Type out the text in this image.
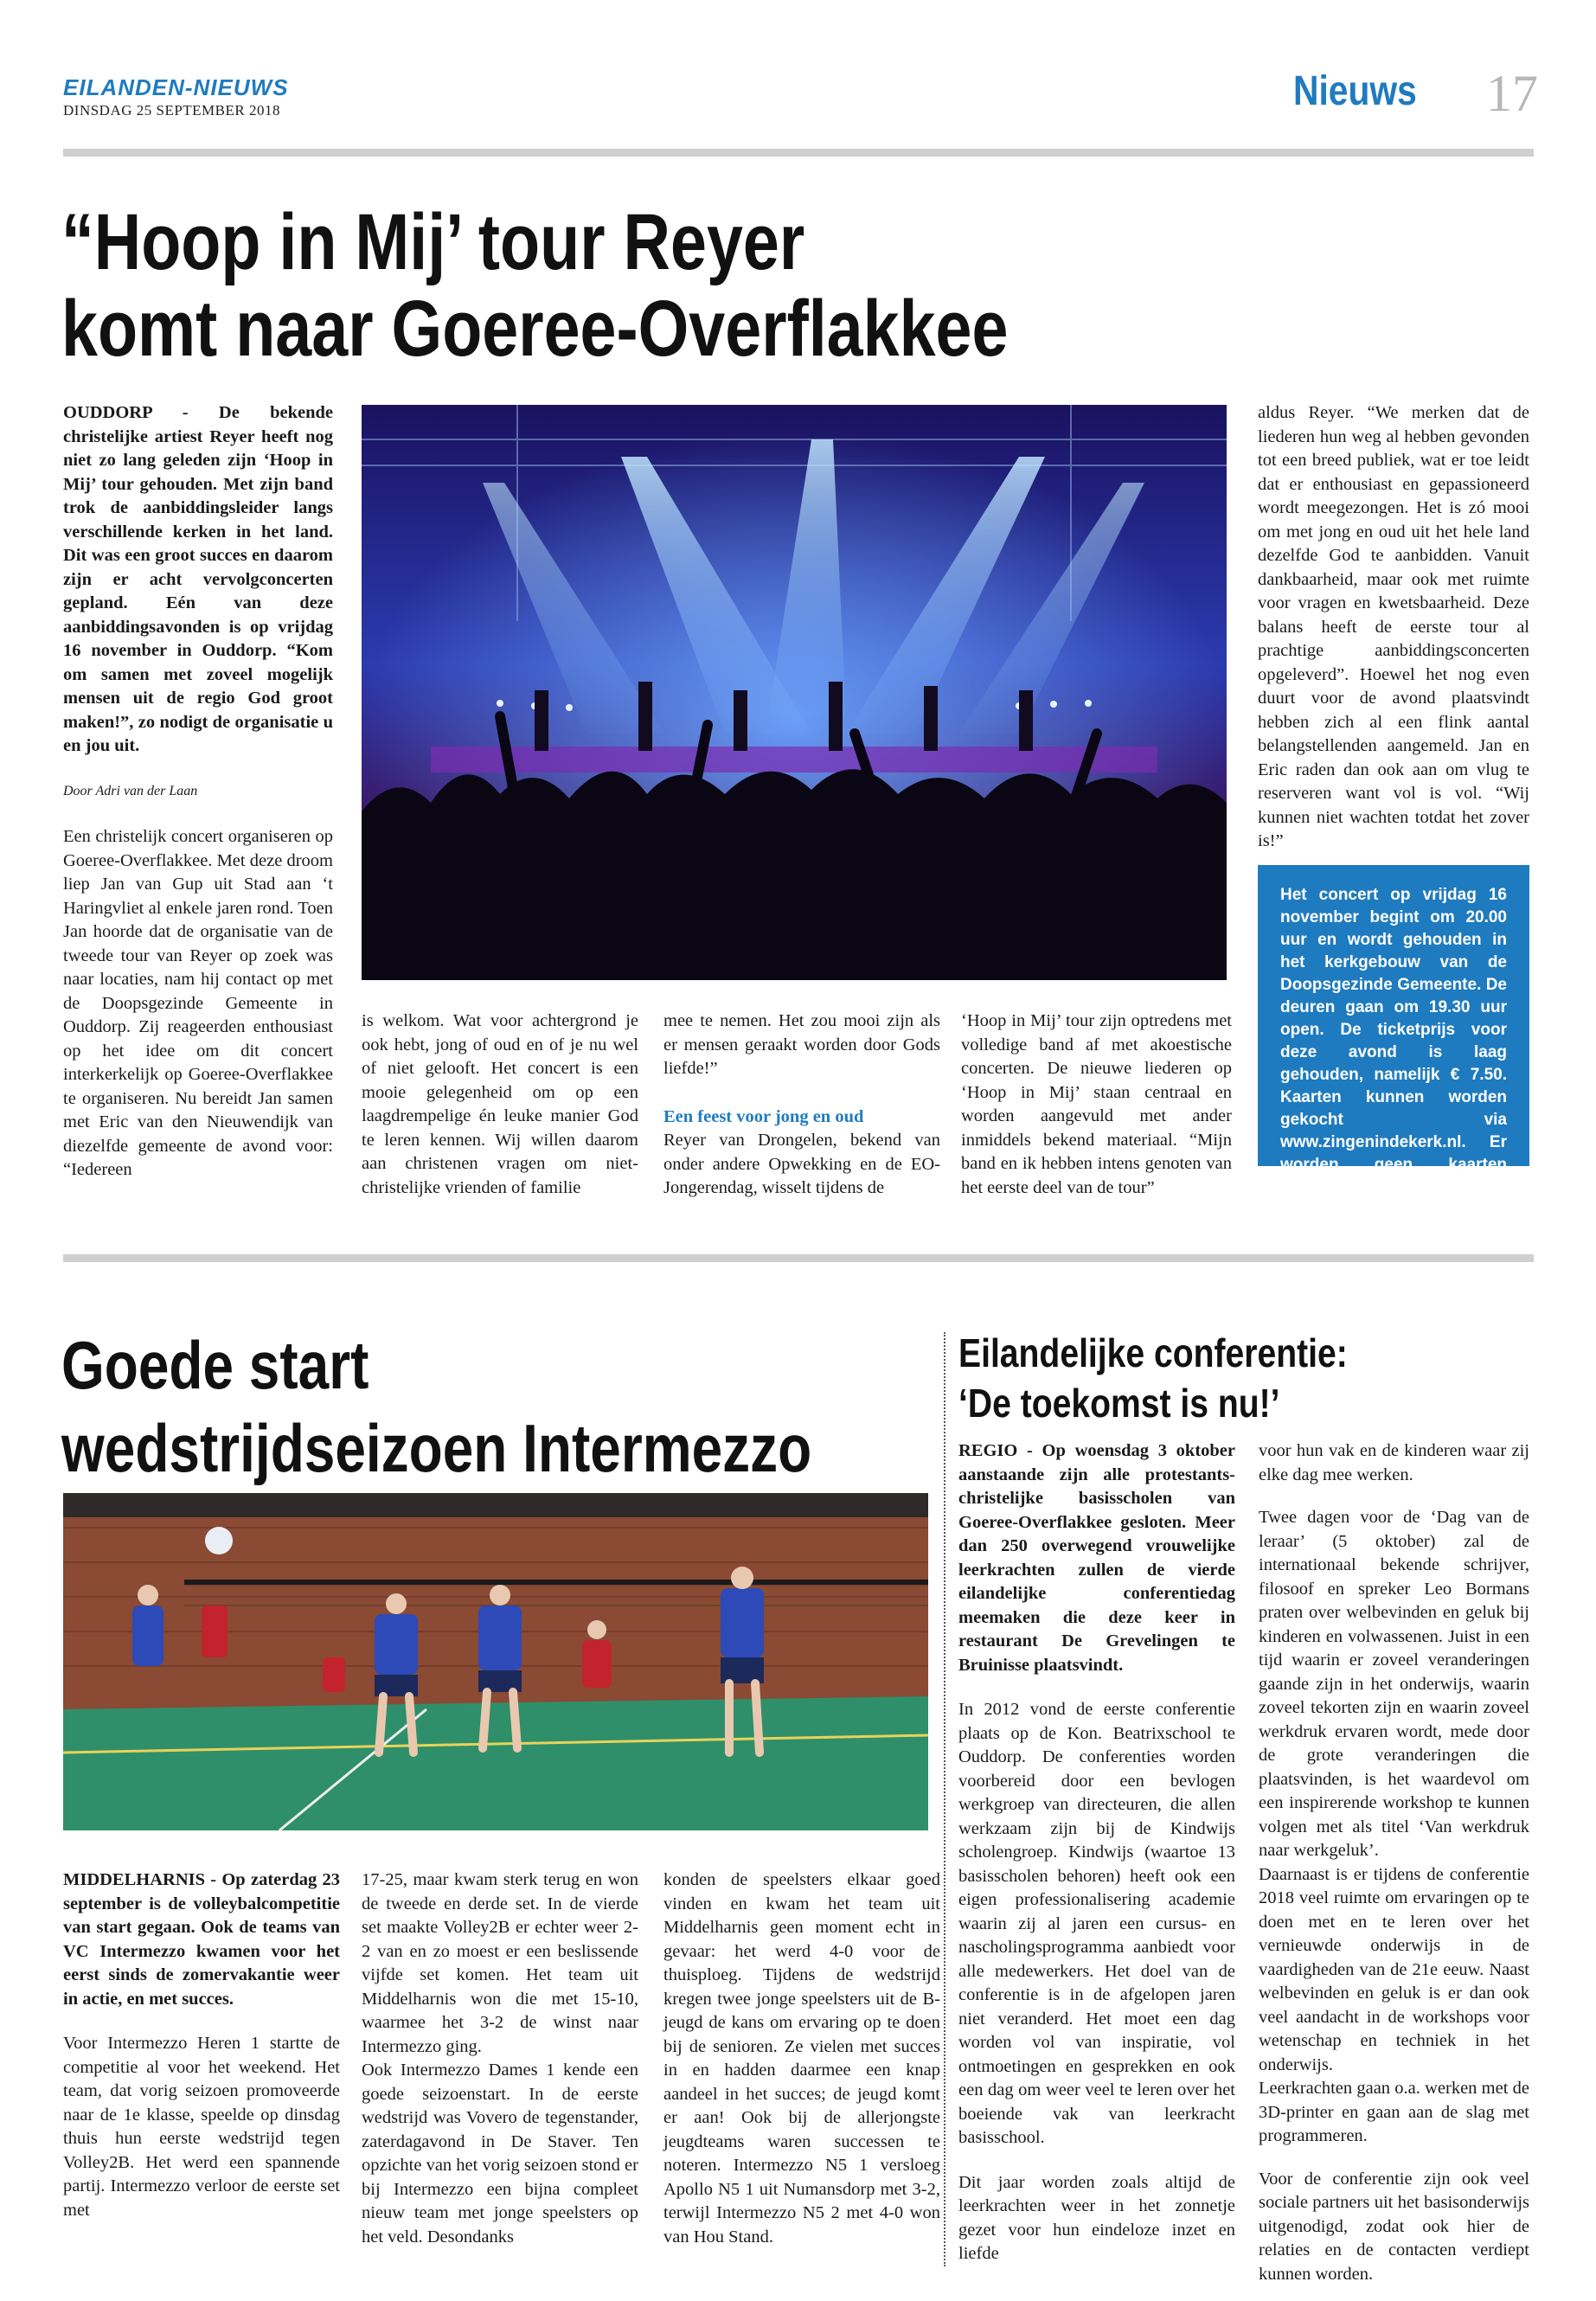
EILANDEN-NIEUWS
DINSDAG 25 SEPTEMBER 2018	Nieuws 17
“Hoop in Mij’ tour Reyer
komt naar Goeree-Overflakkee

OUDDORP - De bekende christelijke artiest Reyer heeft nog niet zo lang geleden zijn ‘Hoop in Mij’ tour gehouden. Met zijn band trok de aanbiddingsleider langs verschillende kerken in het land. Dit was een groot succes en daarom zijn er acht vervolgconcerten gepland. Eén van deze aanbiddingsavonden is op vrijdag 16 november in Ouddorp. “Kom om samen met zoveel mogelijk mensen uit de regio God groot maken!”, zo nodigt de organisatie u en jou uit.

Door Adri van der Laan

Een christelijk concert organiseren op Goeree-Overflakkee. Met deze droom liep Jan van Gup uit Stad aan ‘t Haringvliet al enkele jaren rond. Toen Jan hoorde dat de organisatie van de tweede tour van Reyer op zoek was naar locaties, nam hij contact op met de Doopsgezinde Gemeente in Ouddorp. Zij reageerden enthousiast op het idee om dit concert interkerkelijk op Goeree-Overflakkee te organiseren. Nu bereidt Jan samen met Eric van den Nieuwendijk van diezelfde gemeente de avond voor: “Iedereen

is welkom. Wat voor achtergrond je ook hebt, jong of oud en of je nu wel of niet gelooft. Het concert is een mooie gelegenheid om op een laagdrempelige én leuke manier God te leren kennen. Wij willen daarom aan christenen vragen om niet-christelijke vrienden of familie

mee te nemen. Het zou mooi zijn als er mensen geraakt worden door Gods liefde!”

Een feest voor jong en oud

Reyer van Drongelen, bekend van onder andere Opwekking en de EO-Jongerendag, wisselt tijdens de

‘Hoop in Mij’ tour zijn optredens met volledige band af met akoestische concerten. De nieuwe liederen op ‘Hoop in Mij’ staan centraal en worden aangevuld met ander inmiddels bekend materiaal. “Mijn band en ik hebben intens genoten van het eerste deel van de tour”

aldus Reyer. “We merken dat de liederen hun weg al hebben gevonden tot een breed publiek, wat er toe leidt dat er enthousiast en gepassioneerd wordt meegezongen. Het is zó mooi om met jong en oud uit het hele land dezelfde God te aanbidden. Vanuit dankbaarheid, maar ook met ruimte voor vragen en kwetsbaarheid. Deze balans heeft de eerste tour al prachtige aanbiddingsconcerten opgeleverd”. Hoewel het nog even duurt voor de avond plaatsvindt hebben zich al een flink aantal belangstellenden aangemeld. Jan en Eric raden dan ook aan om vlug te reserveren want vol is vol. “Wij kunnen niet wachten totdat het zover is!”

Het concert op vrijdag 16 november begint om 20.00 uur en wordt gehouden in het kerkgebouw van de Doopsgezinde Gemeente. De deuren gaan om 19.30 uur open. De ticketprijs voor deze avond is laag gehouden, namelijk € 7.50. Kaarten kunnen worden gekocht via www.zingenindekerk.nl. Er worden geen kaarten verkocht aan de deur.
Goede start
wedstrijdseizoen Intermezzo

MIDDELHARNIS - Op zaterdag 23 september is de volleybalcompetitie van start gegaan. Ook de teams van VC Intermezzo kwamen voor het eerst sinds de zomervakantie weer in actie, en met succes.

Voor Intermezzo Heren 1 startte de competitie al voor het weekend. Het team, dat vorig seizoen promoveerde naar de 1e klasse, speelde op dinsdag thuis hun eerste wedstrijd tegen Volley2B. Het werd een spannende partij. Intermezzo verloor de eerste set met

17-25, maar kwam sterk terug en won de tweede en derde set. In de vierde set maakte Volley2B er echter weer 2-2 van en zo moest er een beslissende vijfde set komen. Het team uit Middelharnis won die met 15-10, waarmee het 3-2 de winst naar Intermezzo ging.

Ook Intermezzo Dames 1 kende een goede seizoenstart. In de eerste wedstrijd was Vovero de tegenstander, zaterdagavond in De Staver. Ten opzichte van het vorig seizoen stond er bij Intermezzo een bijna compleet nieuw team met jonge speelsters op het veld. Desondanks

konden de speelsters elkaar goed vinden en kwam het team uit Middelharnis geen moment echt in gevaar: het werd 4-0 voor de thuisploeg. Tijdens de wedstrijd kregen twee jonge speelsters uit de B-jeugd de kans om ervaring op te doen bij de senioren. Ze vielen met succes in en hadden daarmee een knap aandeel in het succes; de jeugd komt er aan! Ook bij de allerjongste jeugdteams waren successen te noteren. Intermezzo N5 1 versloeg Apollo N5 1 uit Numansdorp met 3-2, terwijl Intermezzo N5 2 met 4-0 won van Hou Stand.

Eilandelijke conferentie:
‘De toekomst is nu!’

REGIO - Op woensdag 3 oktober aanstaande zijn alle protestants-christelijke basisscholen van Goeree-Overflakkee gesloten. Meer dan 250 overwegend vrouwelijke leerkrachten zullen de vierde eilandelijke conferentiedag meemaken die deze keer in restaurant De Grevelingen te Bruinisse plaatsvindt.

In 2012 vond de eerste conferentie plaats op de Kon. Beatrixschool te Ouddorp. De conferenties worden voorbereid door een bevlogen werkgroep van directeuren, die allen werkzaam zijn bij de Kindwijs scholengroep. Kindwijs (waartoe 13 basisscholen behoren) heeft ook een eigen professionalisering academie waarin zij al jaren een cursus- en nascholingsprogramma aanbiedt voor alle medewerkers. Het doel van de conferentie is in de afgelopen jaren niet veranderd. Het moet een dag worden vol van inspiratie, vol ontmoetingen en gesprekken en ook een dag om weer veel te leren over het boeiende vak van leerkracht basisschool.

Dit jaar worden zoals altijd de leerkrachten weer in het zonnetje gezet voor hun eindeloze inzet en liefde

voor hun vak en de kinderen waar zij elke dag mee werken.

Twee dagen voor de ‘Dag van de leraar’ (5 oktober) zal de internationaal bekende schrijver, filosoof en spreker Leo Bormans praten over welbevinden en geluk bij kinderen en volwassenen. Juist in een tijd waarin er zoveel veranderingen gaande zijn in het onderwijs, waarin zoveel tekorten zijn en waarin zoveel werkdruk ervaren wordt, mede door de grote veranderingen die plaatsvinden, is het waardevol om een inspirerende workshop te kunnen volgen met als titel ‘Van werkdruk naar werkgeluk’.

Daarnaast is er tijdens de conferentie 2018 veel ruimte om ervaringen op te doen met en te leren over het vernieuwde onderwijs in de vaardigheden van de 21e eeuw. Naast welbevinden en geluk is er dan ook veel aandacht in de workshops voor wetenschap en techniek in het onderwijs.

Leerkrachten gaan o.a. werken met de 3D-printer en gaan aan de slag met programmeren.

Voor de conferentie zijn ook veel sociale partners uit het basisonderwijs uitgenodigd, zodat ook hier de relaties en de contacten verdiept kunnen worden.
